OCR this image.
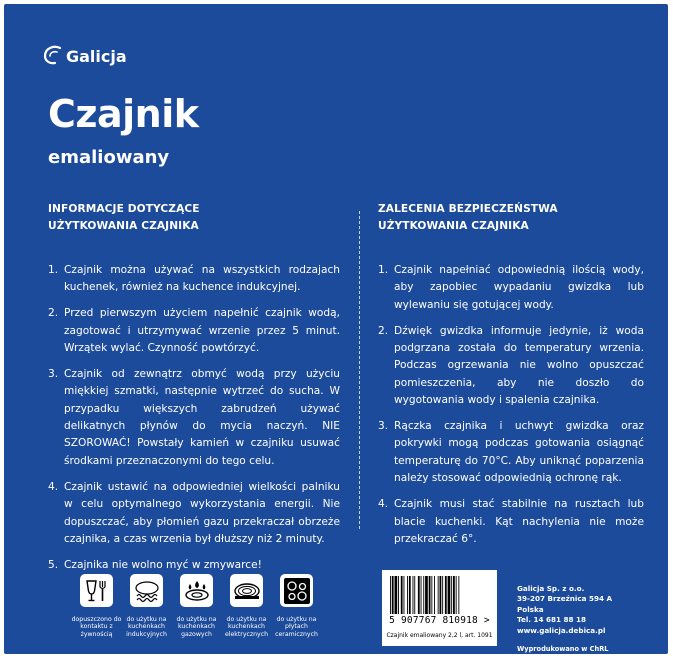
Galicja
Czajnik
emaliowany
INFORMACJE DOTYCZĄCE
UŻYTKOWANIA CZAJNIKA
1. Czajnik można używać na wszystkich rodzajach kuchenek, również na kuchence indukcyjnej.
2. Przed pierwszym użyciem napełnić czajnik wodą, zagotować i utrzymywać wrzenie przez 5 minut. Wrzątek wylać. Czynność powtórzyć.
3. Czajnik od zewnątrz obmyć wodą przy użyciu miękkiej szmatki, następnie wytrzeć do sucha. W przypadku większych zabrudzeń używać delikatnych płynów do mycia naczyń. NIE SZOROWAĆ! Powstały kamień w czajniku usuwać środkami przeznaczonymi do tego celu.
4. Czajnik ustawić na odpowiedniej wielkości palniku w celu optymalnego wykorzystania energii. Nie dopuszczać, aby płomień gazu przekraczał obrzeże czajnika, a czas wrzenia był dłuższy niż 2 minuty.
5. Czajnika nie wolno myć w zmywarce!
ZALECENIA BEZPIECZEŃSTWA
UŻYTKOWANIA CZAJNIKA
1. Czajnik napełniać odpowiednią ilością wody, aby zapobiec wypadaniu gwizdka lub wylewaniu się gotującej wody.
2. Dźwięk gwizdka informuje jedynie, iż woda podgrzana została do temperatury wrzenia. Podczas ogrzewania nie wolno opuszczać pomieszczenia, aby nie doszło do wygotowania wody i spalenia czajnika.
3. Rączka czajnika i uchwyt gwizdka oraz pokrywki mogą podczas gotowania osiągnąć temperaturę do 70°C. Aby uniknąć poparzenia należy stosować odpowiednią ochronę rąk.
4. Czajnik musi stać stabilnie na rusztach lub blacie kuchenki. Kąt nachylenia nie może przekraczać 6°.
dopuszczono do kontaktu z żywnością
do użytku na kuchenkach indukcyjnych
do użytku na kuchenkach gazowych
do użytku na kuchenkach elektrycznych
do użytku na płytach ceramicznych
5 907767 810918 >
Czajnik emaliowany 2,2 l, art. 1091
Galicja Sp. z o.o.
39-207 Brzeźnica 594 A
Polska
Tel. 14 681 88 18
www.galicja.debica.pl
Wyprodukowano w ChRL
